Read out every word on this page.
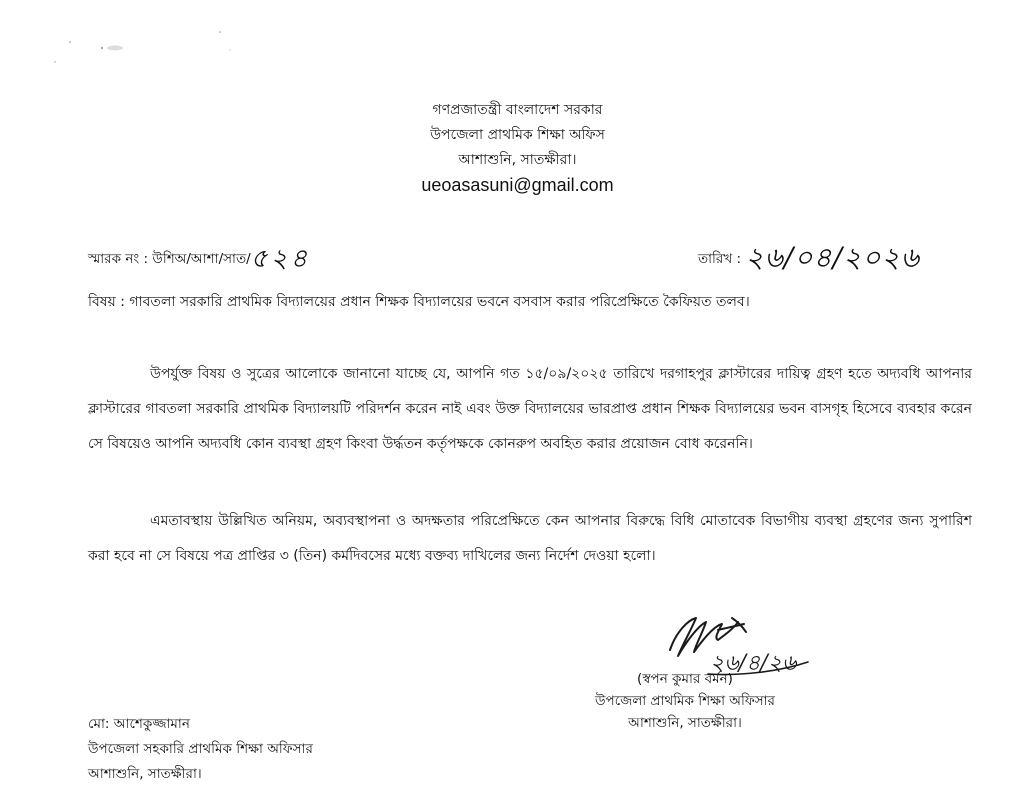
গণপ্রজাতন্ত্রী বাংলাদেশ সরকার
উপজেলা প্রাথমিক শিক্ষা অফিস
আশাশুনি, সাতক্ষীরা।
ueoasasuni@gmail.com
স্মারক নং : উশিঅ/আশা/সাত/৫২৪	তারিখ : ২৬/০৪/২০২৬
বিষয় : গাবতলা সরকারি প্রাথমিক বিদ্যালয়ের প্রধান শিক্ষক বিদ্যালয়ের ভবনে বসবাস করার পরিপ্রেক্ষিতে কৈফিয়ত তলব।
উপর্যুক্ত বিষয় ও সুত্রের আলোকে জানানো যাচ্ছে যে, আপনি গত ১৫/০৯/২০২৫ তারিখে দরগাহপুর ক্লাস্টারের দায়িত্ব গ্রহণ হতে অদ্যবধি আপনার ক্লাস্টারের গাবতলা সরকারি প্রাথমিক বিদ্যালয়টি পরিদর্শন করেন নাই এবং উক্ত বিদ্যালয়ের ভারপ্রাপ্ত প্রধান শিক্ষক বিদ্যালয়ের ভবন বাসগৃহ হিসেবে ব্যবহার করেন সে বিষয়েও আপনি অদ্যবধি কোন ব্যবস্থা গ্রহণ কিংবা উর্দ্ধতন কর্তৃপক্ষকে কোনরুপ অবহিত করার প্রয়োজন বোধ করেননি।
এমতাবস্থায় উল্লিখিত অনিয়ম, অব্যবস্থাপনা ও অদক্ষতার পরিপ্রেক্ষিতে কেন আপনার বিরুদ্ধে বিধি মোতাবেক বিভাগীয় ব্যবস্থা গ্রহণের জন্য সুপারিশ করা হবে না সে বিষয়ে পত্র প্রাপ্তির ৩ (তিন) কর্মদিবসের মধ্যে বক্তব্য দাখিলের জন্য নির্দেশ দেওয়া হলো।
২৬/৪/২৬
(স্বপন কুমার বর্মন)
উপজেলা প্রাথমিক শিক্ষা অফিসার
আশাশুনি, সাতক্ষীরা।
মো: আশেকুজ্জামান
উপজেলা সহকারি প্রাথমিক শিক্ষা অফিসার
আশাশুনি, সাতক্ষীরা।
